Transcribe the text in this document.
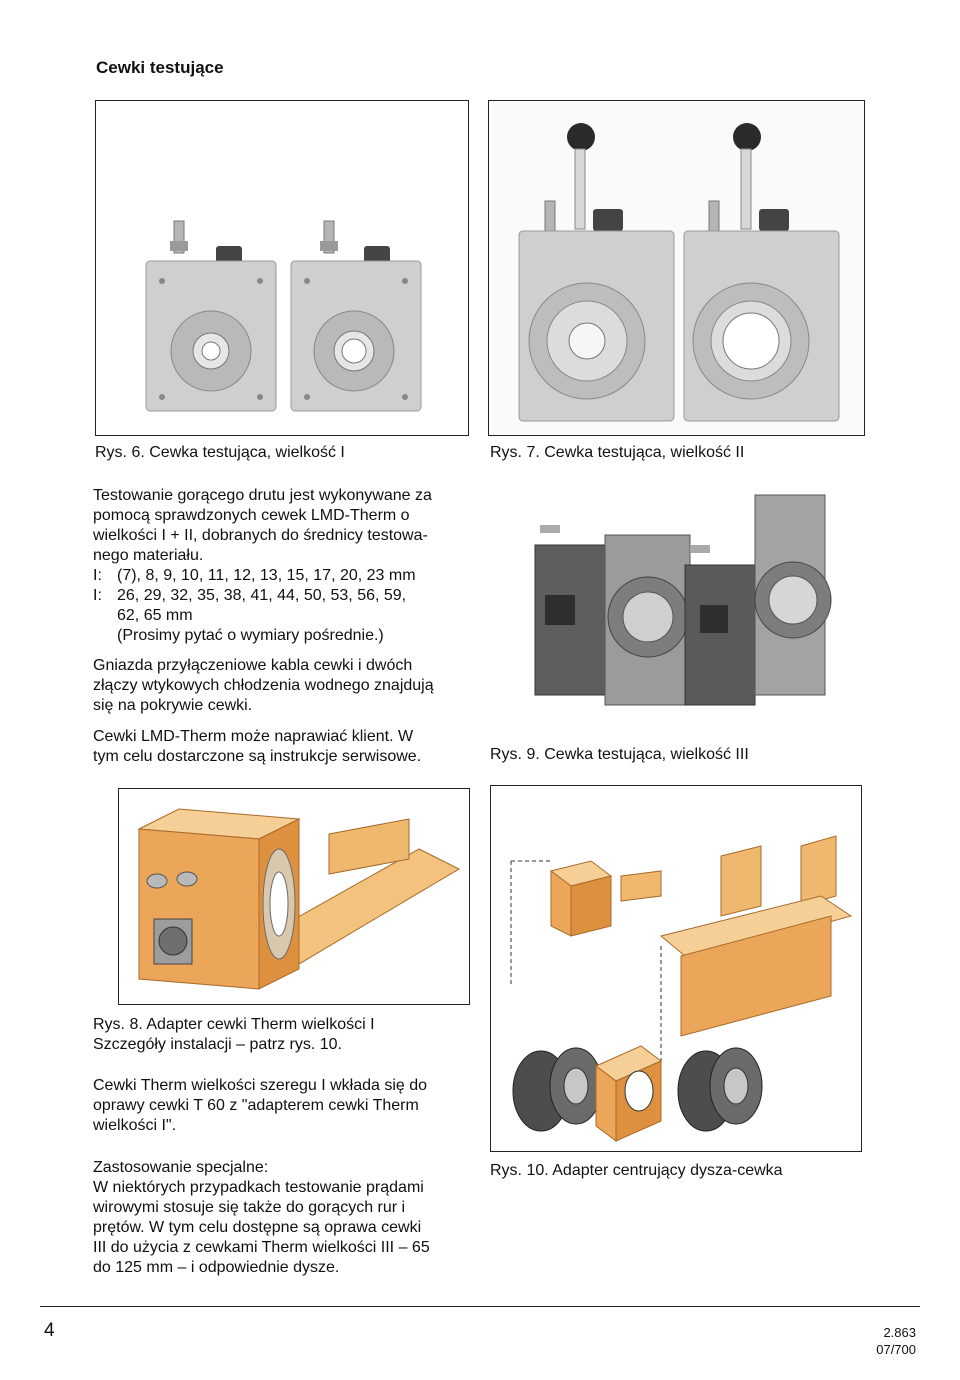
Cewki testujące
Rys. 6. Cewka testująca, wielkość I	Rys. 7. Cewka testująca, wielkość II
Testowanie gorącego drutu jest wykonywane za
pomocą sprawdzonych cewek LMD-Therm o
wielkości I + II, dobranych do średnicy testowa-
nego materiału.
I: (7), 8, 9, 10, 11, 12, 13, 15, 17, 20, 23 mm
I: 26, 29, 32, 35, 38, 41, 44, 50, 53, 56, 59,
62, 65 mm
(Prosimy pytać o wymiary pośrednie.)
Gniazda przyłączeniowe kabla cewki i dwóch
złączy wtykowych chłodzenia wodnego znajdują
się na pokrywie cewki.
Cewki LMD-Therm może naprawiać klient. W
tym celu dostarczone są instrukcje serwisowe.	Rys. 9. Cewka testująca, wielkość III
Rys. 8. Adapter cewki Therm wielkości I
Szczegóły instalacji – patrz rys. 10.
Rys. 10. Adapter centrujący dysza-cewka
Cewki Therm wielkości szeregu I wkłada się do
oprawy cewki T 60 z "adapterem cewki Therm
wielkości I".
Zastosowanie specjalne:
W niektórych przypadkach testowanie prądami
wirowymi stosuje się także do gorących rur i
prętów. W tym celu dostępne są oprawa cewki
III do użycia z cewkami Therm wielkości III – 65
do 125 mm – i odpowiednie dysze.
4	2.863
07/700
